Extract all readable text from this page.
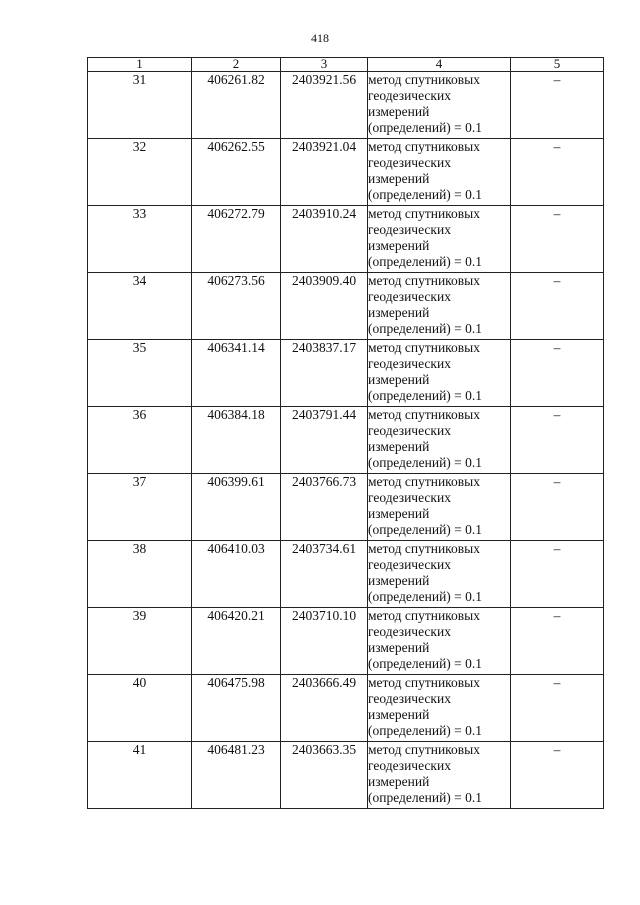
418
1	2	3	4	5
31	406261.82	2403921.56	метод спутниковых
геодезических
измерений
(определений) = 0.1	–
32	406262.55	2403921.04	метод спутниковых
геодезических
измерений
(определений) = 0.1	–
33	406272.79	2403910.24	метод спутниковых
геодезических
измерений
(определений) = 0.1	–
34	406273.56	2403909.40	метод спутниковых
геодезических
измерений
(определений) = 0.1	–
35	406341.14	2403837.17	метод спутниковых
геодезических
измерений
(определений) = 0.1	–
36	406384.18	2403791.44	метод спутниковых
геодезических
измерений
(определений) = 0.1	–
37	406399.61	2403766.73	метод спутниковых
геодезических
измерений
(определений) = 0.1	–
38	406410.03	2403734.61	метод спутниковых
геодезических
измерений
(определений) = 0.1	–
39	406420.21	2403710.10	метод спутниковых
геодезических
измерений
(определений) = 0.1	–
40	406475.98	2403666.49	метод спутниковых
геодезических
измерений
(определений) = 0.1	–
41	406481.23	2403663.35	метод спутниковых
геодезических
измерений
(определений) = 0.1	–
